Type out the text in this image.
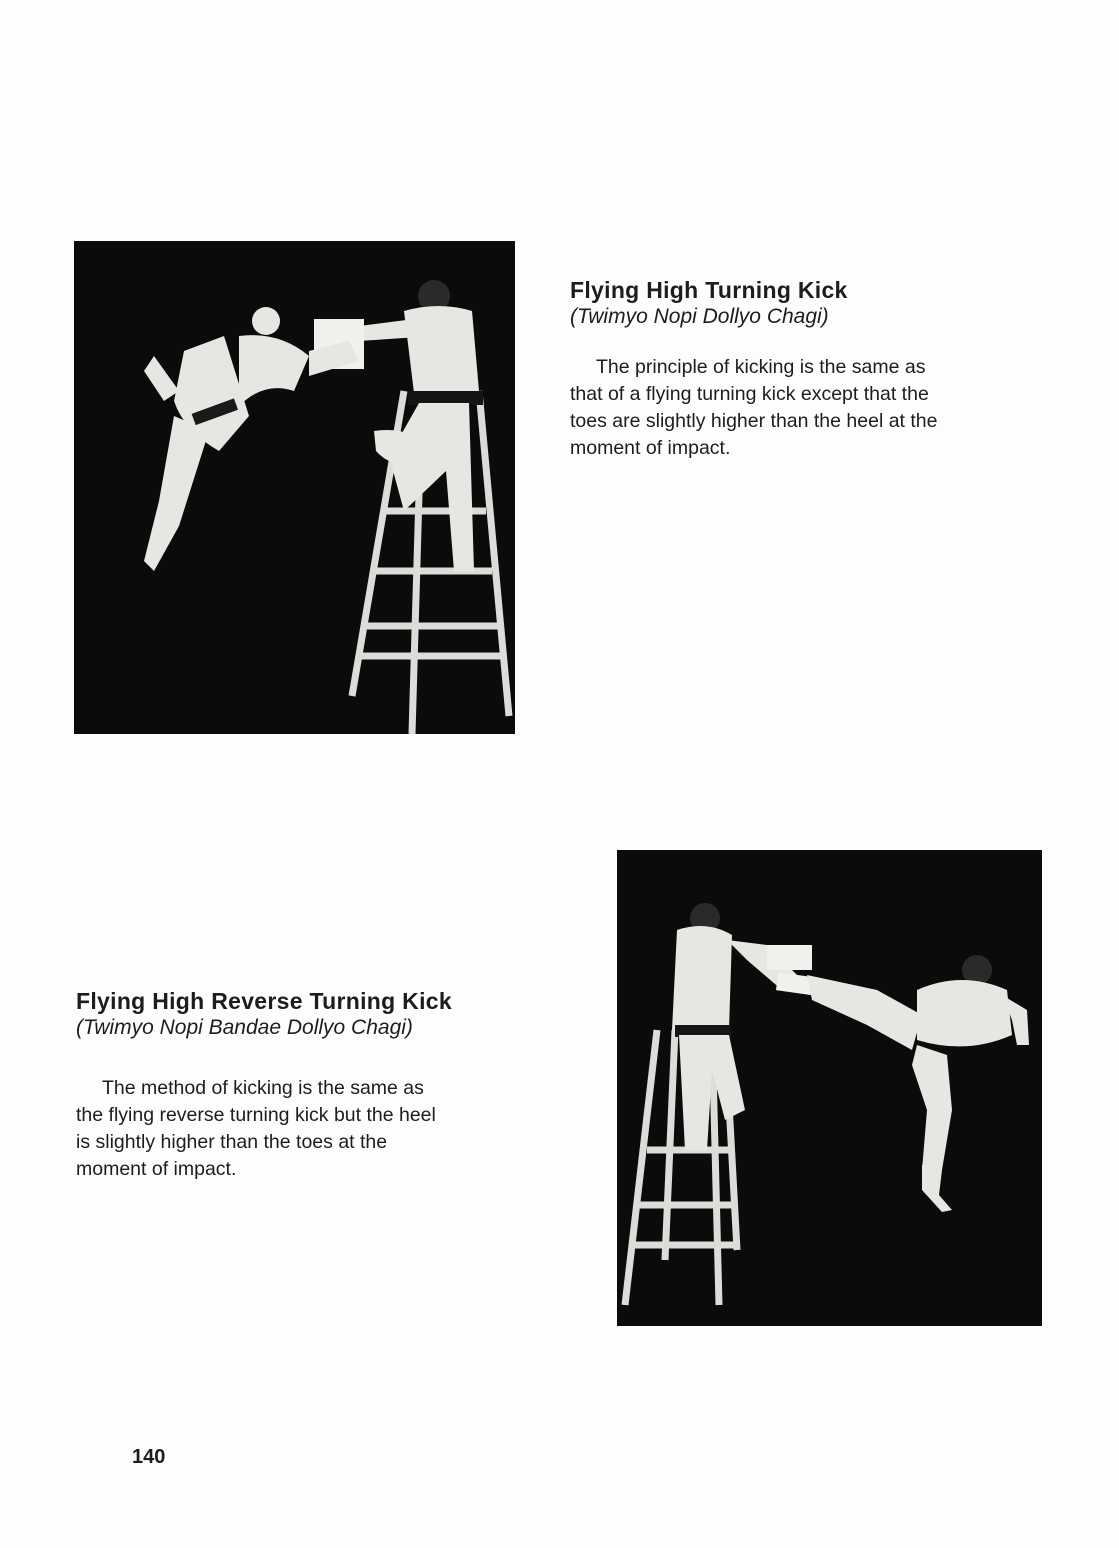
Flying High Turning Kick

(Twimyo Nopi Dollyo Chagi)

The principle of kicking is the same as
that of a flying turning kick except that the
toes are slightly higher than the heel at the
moment of impact.

Flying High Reverse Turning Kick

(Twimyo Nopi Bandae Dollyo Chagi)

The method of kicking is the same as
the flying reverse turning kick but the heel
is slightly higher than the toes at the
moment of impact.

140
